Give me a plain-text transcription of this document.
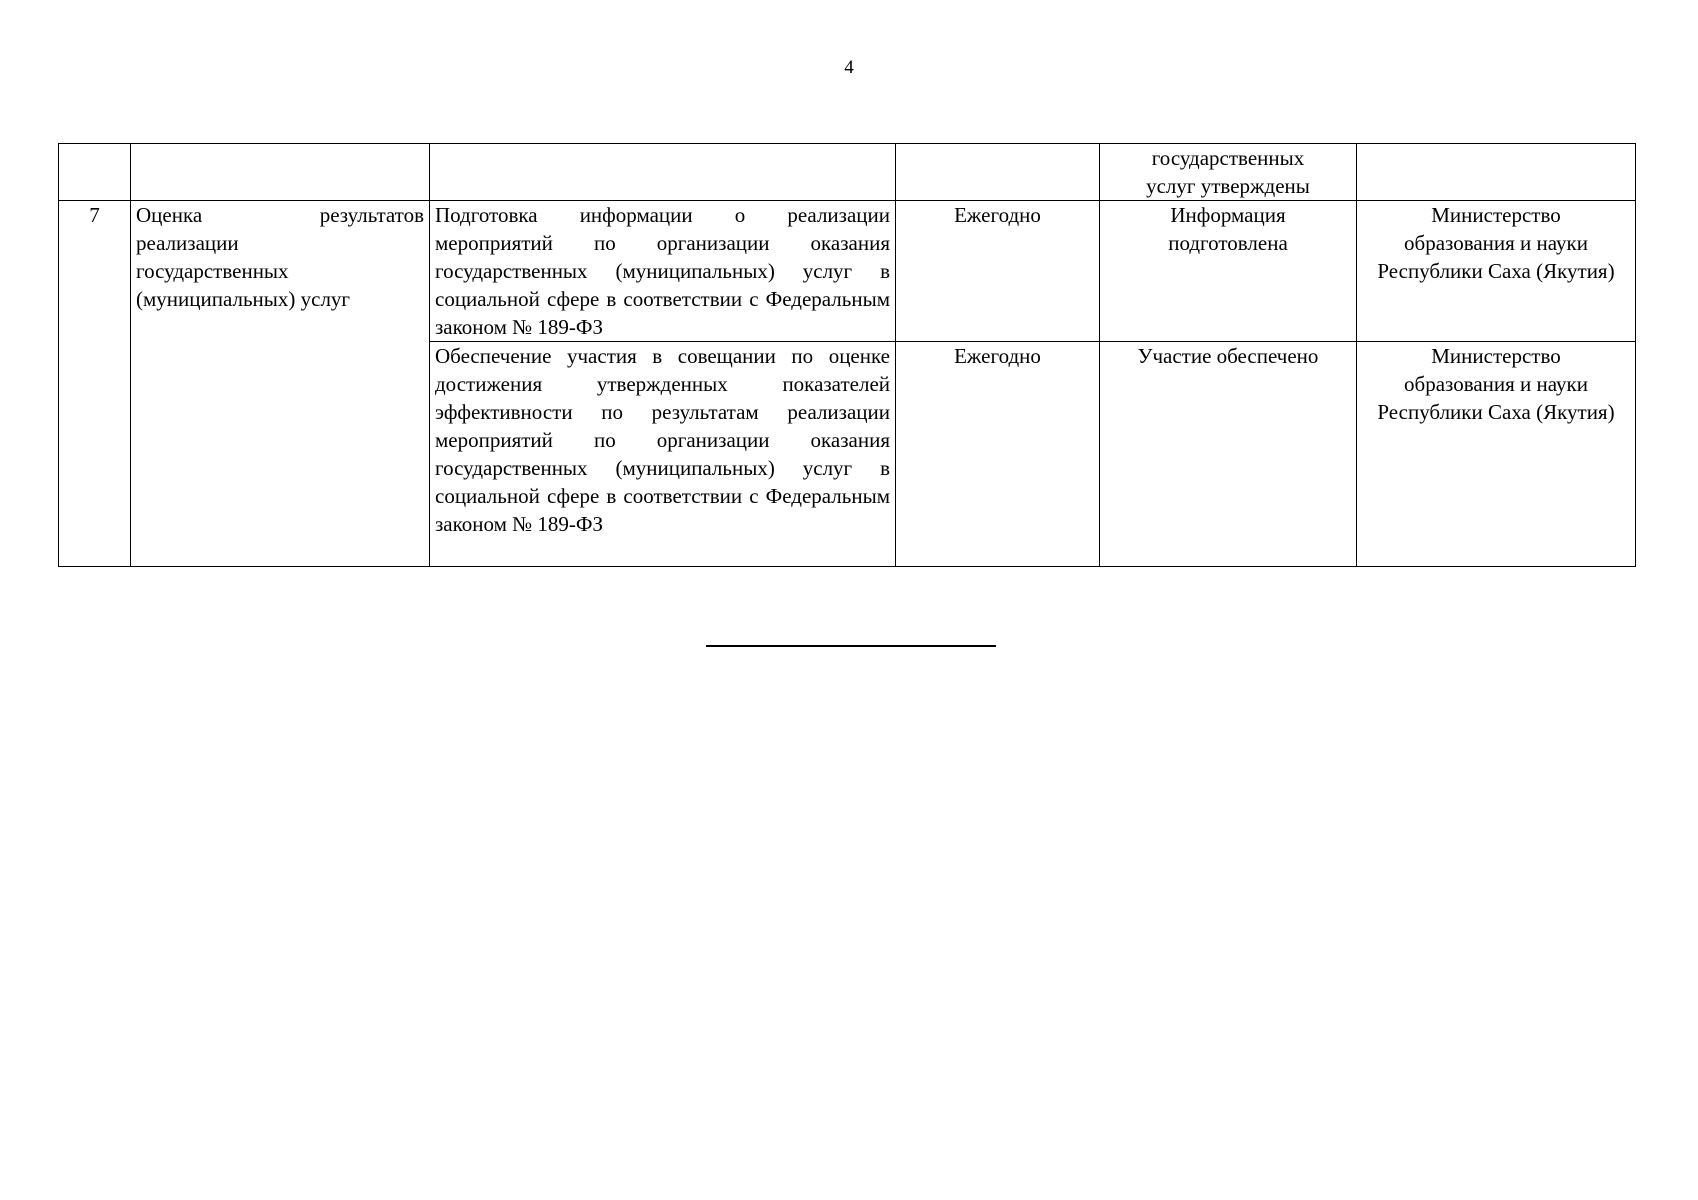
4
				государственных услуг утверждены	
7	Оценка результатов
реализации государственных (муниципальных) услуг	Подготовка информации о реализации мероприятий по организации оказания государственных (муниципальных) услуг в социальной сфере в соответствии с Федеральным законом № 189-ФЗ	Ежегодно	Информация подготовлена	Министерство образования и науки Республики Саха (Якутия)
		Обеспечение участия в совещании по оценке достижения утвержденных показателей эффективности по результатам реализации мероприятий по организации оказания государственных (муниципальных) услуг в социальной сфере в соответствии с Федеральным законом № 189-ФЗ	Ежегодно	Участие обеспечено	Министерство образования и науки Республики Саха (Якутия)
